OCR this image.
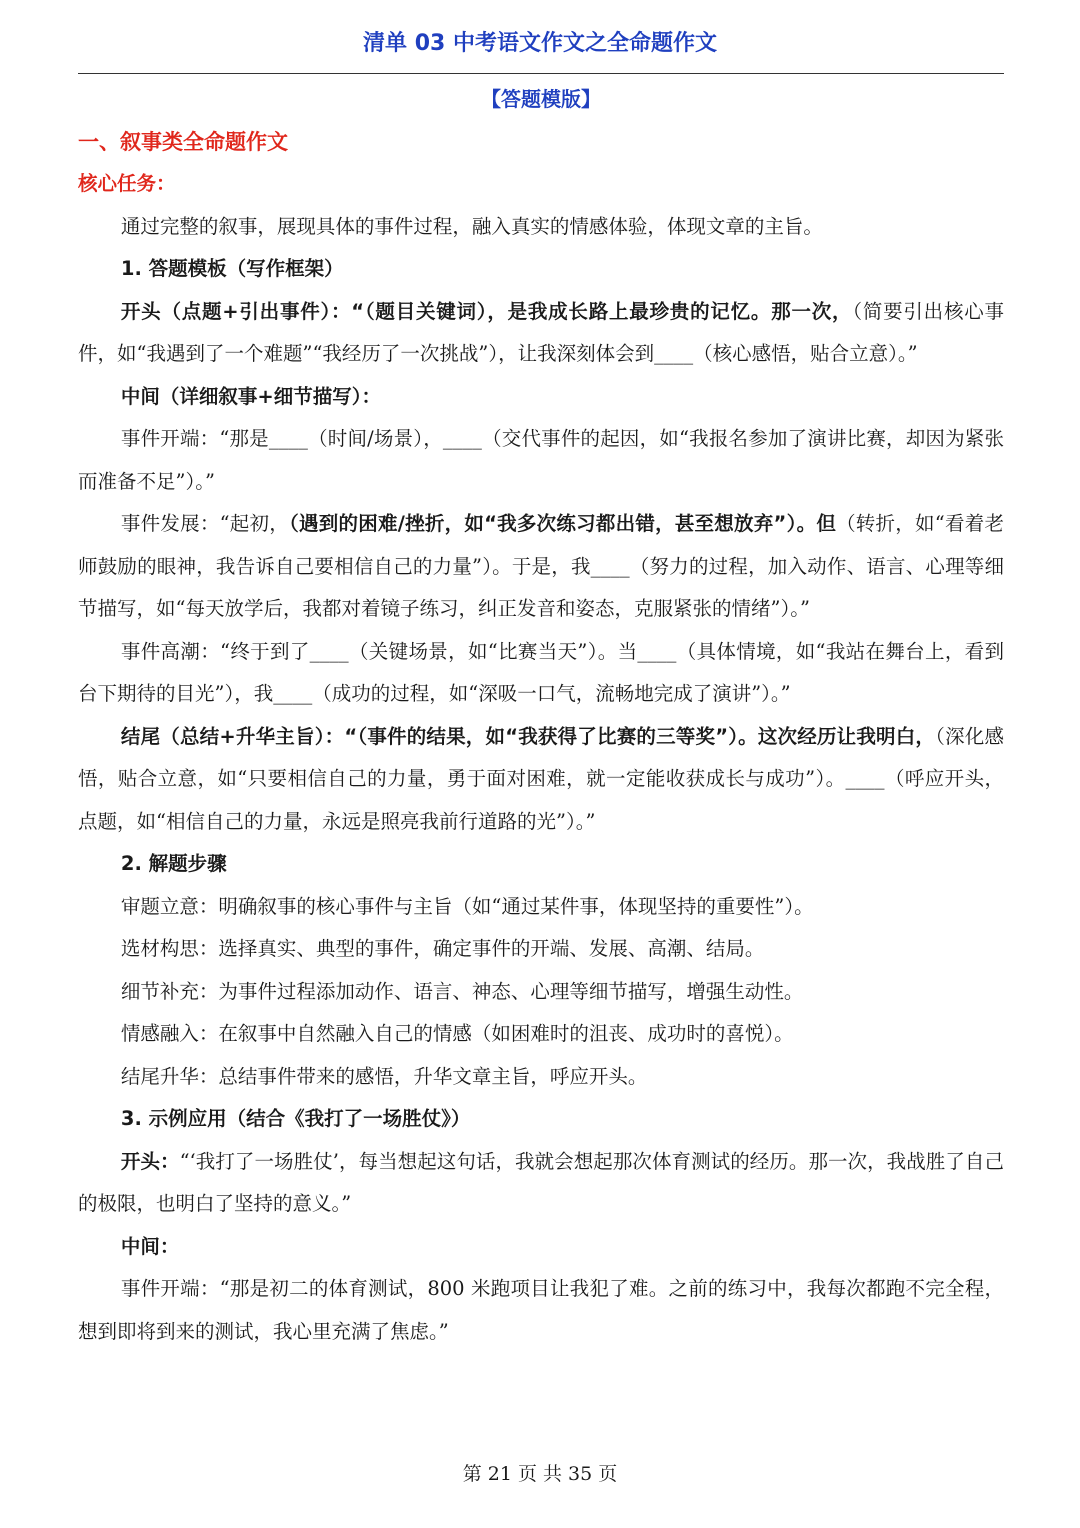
清单 03 中考语文作文之全命题作文

【答题模版】

一、叙事类全命题作文

核心任务：

通过完整的叙事，展现具体的事件过程，融入真实的情感体验，体现文章的主旨。

1. 答题模板（写作框架）

开头（点题+引出事件）：“（题目关键词），是我成长路上最珍贵的记忆。那一次，（简要引出核心事件，如“我遇到了一个难题”“我经历了一次挑战”），让我深刻体会到____（核心感悟，贴合立意）。”

中间（详细叙事+细节描写）：

事件开端：“那是____（时间/场景），____（交代事件的起因，如“我报名参加了演讲比赛，却因为紧张而准备不足”）。”

事件发展：“起初，（遇到的困难/挫折，如“我多次练习都出错，甚至想放弃”）。但（转折，如“看着老师鼓励的眼神，我告诉自己要相信自己的力量”）。于是，我____（努力的过程，加入动作、语言、心理等细节描写，如“每天放学后，我都对着镜子练习，纠正发音和姿态，克服紧张的情绪”）。”

事件高潮：“终于到了____（关键场景，如“比赛当天”）。当____（具体情境，如“我站在舞台上，看到台下期待的目光”），我____（成功的过程，如“深吸一口气，流畅地完成了演讲”）。”

结尾（总结+升华主旨）：“（事件的结果，如“我获得了比赛的三等奖”）。这次经历让我明白，（深化感悟，贴合立意，如“只要相信自己的力量，勇于面对困难，就一定能收获成长与成功”）。____（呼应开头，点题，如“相信自己的力量，永远是照亮我前行道路的光”）。”

2. 解题步骤

审题立意：明确叙事的核心事件与主旨（如“通过某件事，体现坚持的重要性”）。

选材构思：选择真实、典型的事件，确定事件的开端、发展、高潮、结局。

细节补充：为事件过程添加动作、语言、神态、心理等细节描写，增强生动性。

情感融入：在叙事中自然融入自己的情感（如困难时的沮丧、成功时的喜悦）。

结尾升华：总结事件带来的感悟，升华文章主旨，呼应开头。

3. 示例应用（结合《我打了一场胜仗》）

开头：“‘我打了一场胜仗’，每当想起这句话，我就会想起那次体育测试的经历。那一次，我战胜了自己的极限，也明白了坚持的意义。”

中间：

事件开端：“那是初二的体育测试，800 米跑项目让我犯了难。之前的练习中，我每次都跑不完全程，想到即将到来的测试，我心里充满了焦虑。”

第 21 页 共 35 页
